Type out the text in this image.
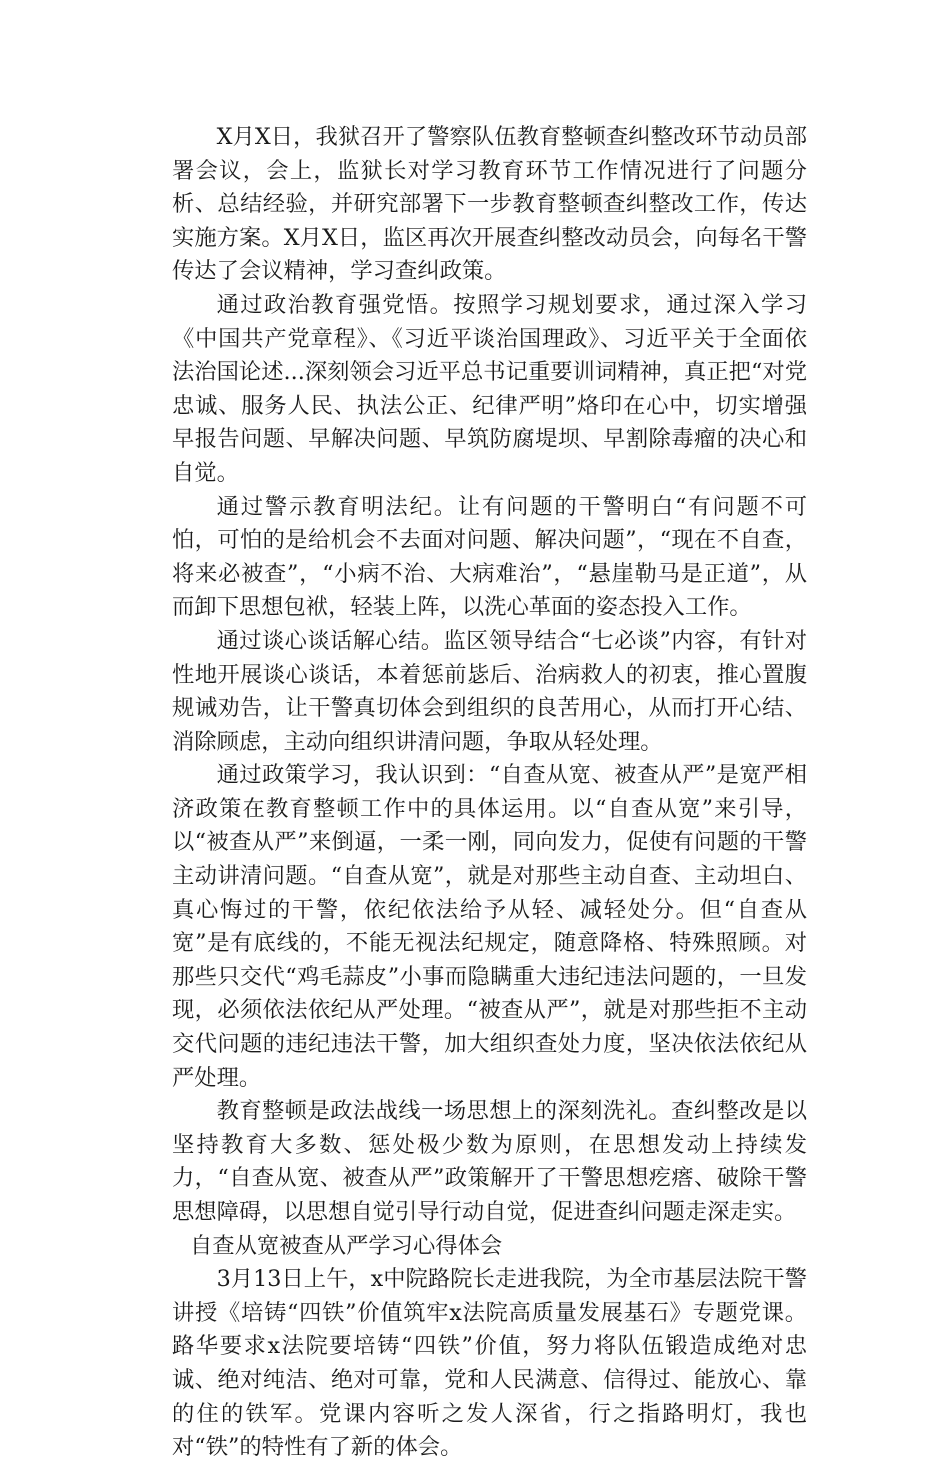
X月X日，我狱召开了警察队伍教育整顿查纠整改环节动员部署会议，会上，监狱长对学习教育环节工作情况进行了问题分析、总结经验，并研究部署下一步教育整顿查纠整改工作，传达实施方案。X月X日，监区再次开展查纠整改动员会，向每名干警传达了会议精神，学习查纠政策。

通过政治教育强党悟。按照学习规划要求，通过深入学习《中国共产党章程》、《习近平谈治国理政》、习近平关于全面依法治国论述...深刻领会习近平总书记重要训词精神，真正把“对党忠诚、服务人民、执法公正、纪律严明”烙印在心中，切实增强早报告问题、早解决问题、早筑防腐堤坝、早割除毒瘤的决心和自觉。

通过警示教育明法纪。让有问题的干警明白“有问题不可怕，可怕的是给机会不去面对问题、解决问题”，“现在不自查，将来必被查”，“小病不治、大病难治”，“悬崖勒马是正道”，从而卸下思想包袱，轻装上阵，以洗心革面的姿态投入工作。

通过谈心谈话解心结。监区领导结合“七必谈”内容，有针对性地开展谈心谈话，本着惩前毖后、治病救人的初衷，推心置腹规诫劝告，让干警真切体会到组织的良苦用心，从而打开心结、消除顾虑，主动向组织讲清问题，争取从轻处理。

通过政策学习，我认识到：“自查从宽、被查从严”是宽严相济政策在教育整顿工作中的具体运用。以“自查从宽”来引导，以“被查从严”来倒逼，一柔一刚，同向发力，促使有问题的干警主动讲清问题。“自查从宽”，就是对那些主动自查、主动坦白、真心悔过的干警，依纪依法给予从轻、减轻处分。但“自查从宽”是有底线的，不能无视法纪规定，随意降格、特殊照顾。对那些只交代“鸡毛蒜皮”小事而隐瞒重大违纪违法问题的，一旦发现，必须依法依纪从严处理。“被查从严”，就是对那些拒不主动交代问题的违纪违法干警，加大组织查处力度，坚决依法依纪从严处理。

教育整顿是政法战线一场思想上的深刻洗礼。查纠整改是以坚持教育大多数、惩处极少数为原则，在思想发动上持续发力，“自查从宽、被查从严”政策解开了干警思想疙瘩、破除干警思想障碍，以思想自觉引导行动自觉，促进查纠问题走深走实。

自查从宽被查从严学习心得体会

3月13日上午，x中院路院长走进我院，为全市基层法院干警讲授《培铸“四铁”价值筑牢x法院高质量发展基石》专题党课。路华要求x法院要培铸“四铁”价值，努力将队伍锻造成绝对忠诚、绝对纯洁、绝对可靠，党和人民满意、信得过、能放心、靠的住的铁军。党课内容听之发人深省，行之指路明灯，我也对“铁”的特性有了新的体会。
